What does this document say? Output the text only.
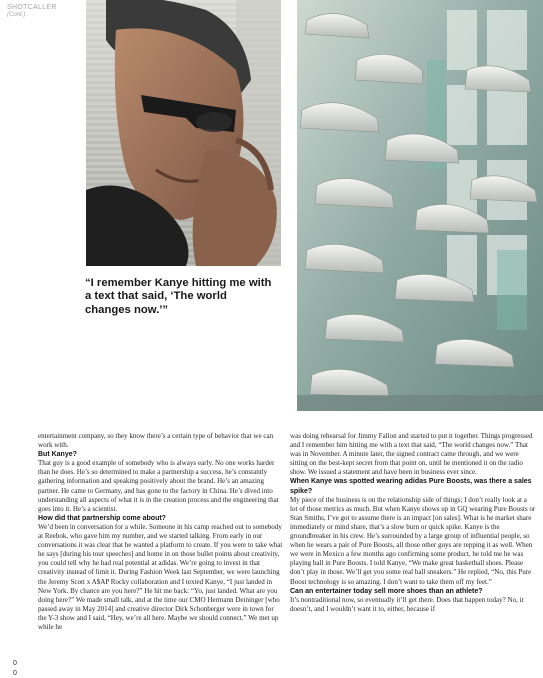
SHOTCALLER
(Cont.)

“I remember Kanye hitting me with a text that said, ‘The world changes now.’”

entertainment company, so they know there’s a certain type of behavior that we can work with.

But Kanye?

That guy is a good example of somebody who is always early. No one works harder than he does. He’s so determined to make a partnership a success, he’s constantly gathering information and speaking positively about the brand. He’s an amazing partner. He came to Germany, and has gone to the factory in China. He’s dived into understanding all aspects of what it is in the creation process and the engineering that goes into it. He’s a scientist.

How did that partnership come about?

We’d been in conversation for a while. Someone in his camp reached out to somebody at Reebok, who gave him my number, and we started talking. From early in our conversations it was clear that he wanted a platform to create. If you were to take what he says [during his tour speeches] and home in on those bullet points about creativity, you could tell why he had real potential at adidas. We’re going to invest in that creativity instead of limit it. During Fashion Week last September, we were launching the Jeremy Scott x A$AP Rocky collaboration and I texted Kanye, “I just landed in New York. By chance are you here?” He hit me back: “Yo, just landed. What are you doing here?” We made small talk, and at the time our CMO Hermann Deininger [who passed away in May 2014] and creative director Dirk Schonberger were in town for the Y-3 show and I said, “Hey, we’re all here. Maybe we should connect.” We met up while he

was doing rehearsal for Jimmy Fallon and started to put it together. Things progressed and I remember him hitting me with a text that said, “The world changes now.” That was in November. A minute later, the signed contract came through, and we were sitting on the best-kept secret from that point on, until he mentioned it on the radio show. We issued a statement and have been in business ever since.

When Kanye was spotted wearing adidas Pure Boosts, was there a sales spike?

My piece of the business is on the relationship side of things; I don’t really look at a lot of those metrics as much. But when Kanye shows up in GQ wearing Pure Boosts or Stan Smiths, I’ve got to assume there is an impact [on sales]. What is he market share immediately or mind share, that’s a slow burn or quick spike. Kanye is the groundbreaker in his crew. He’s surrounded by a large group of influential people, so when he wears a pair of Pure Boosts, all those other guys are repping it as well. When we were in Mexico a few months ago confirming some product, he told me he was playing ball in Pure Boosts. I told Kanye, “We make great basketball shoes. Please don’t play in those. We’ll get you some real ball sneakers.” He replied, “No, this Pure Boost technology is so amazing. I don’t want to take them off my feet.”

Can an entertainer today sell more shoes than an athlete?

It’s nontraditional now, so eventually it’ll get there. Does that happen today? No, it doesn’t, and I wouldn’t want it to, either, because if

0
0
